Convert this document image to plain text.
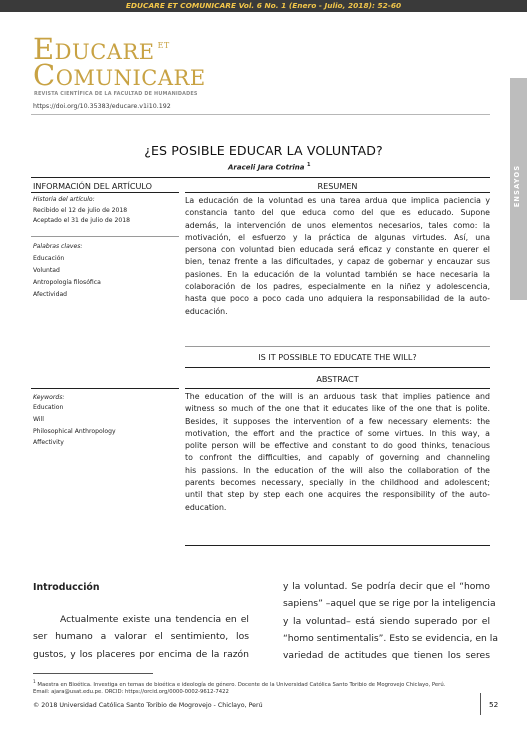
EDUCARE ET COMUNICARE Vol. 6 No. 1 (Enero - Julio, 2018): 52-60
EDUCARE $^{ET}$
COMUNICARE
REVISTA CIENTÍFICA DE LA FACULTAD DE HUMANIDADES
https://doi.org/10.35383/educare.v1i10.192
ENSAYOS
¿ES POSIBLE EDUCAR LA VOLUNTAD?
Araceli Jara Cotrina $^1$
INFORMACIÓN DEL ARTÍCULO	RESUMEN
Historia del artículo:
Recibido el 12 de julio de 2018
Aceptado el 31 de julio de 2018
Palabras claves:
Educación
Voluntad
Antropología filosófica
Afectividad
La educación de la voluntad es una tarea ardua que implica paciencia y
constancia tanto del que educa como del que es educado. Supone
además, la intervención de unos elementos necesarios, tales como: la
motivación, el esfuerzo y la práctica de algunas virtudes. Así, una
persona con voluntad bien educada será eficaz y constante en querer el
bien, tenaz frente a las dificultades, y capaz de gobernar y encauzar sus
pasiones. En la educación de la voluntad también se hace necesaria la
colaboración de los padres, especialmente en la niñez y adolescencia,
hasta que poco a poco cada uno adquiera la responsabilidad de la auto-
educación.
IS IT POSSIBLE TO EDUCATE THE WILL?
ABSTRACT
Keywords:
Education
Will
Philosophical Anthropology
Affectivity
The education of the will is an arduous task that implies patience and
witness so much of the one that it educates like of the one that is polite.
Besides, it supposes the intervention of a few necessary elements: the
motivation, the effort and the practice of some virtues. In this way, a
polite person will be effective and constant to do good thinks, tenacious
to confront the difficulties, and capably of governing and channeling
his passions. In the education of the will also the collaboration of the
parents becomes necessary, specially in the childhood and adolescent;
until that step by step each one acquires the responsibility of the auto-
education.
Introducción
Actualmente existe una tendencia en el
ser humano a valorar el sentimiento, los
gustos, y los placeres por encima de la razón
y la voluntad. Se podría decir que el “homo
sapiens” –aquel que se rige por la inteligencia
y la voluntad– está siendo superado por el
“homo sentimentalis”. Esto se evidencia, en la
variedad de actitudes que tienen los seres
$^1$ Maestra en Bioética. Investiga en temas de bioética e ideología de género. Docente de la Universidad Católica Santo Toribio de Mogrovejo Chiclayo, Perú.
Email: ajara@usat.edu.pe. ORCID: https://orcid.org/0000-0002-9612-7422
© 2018 Universidad Católica Santo Toribio de Mogrovejo - Chiclayo, Perú	52
